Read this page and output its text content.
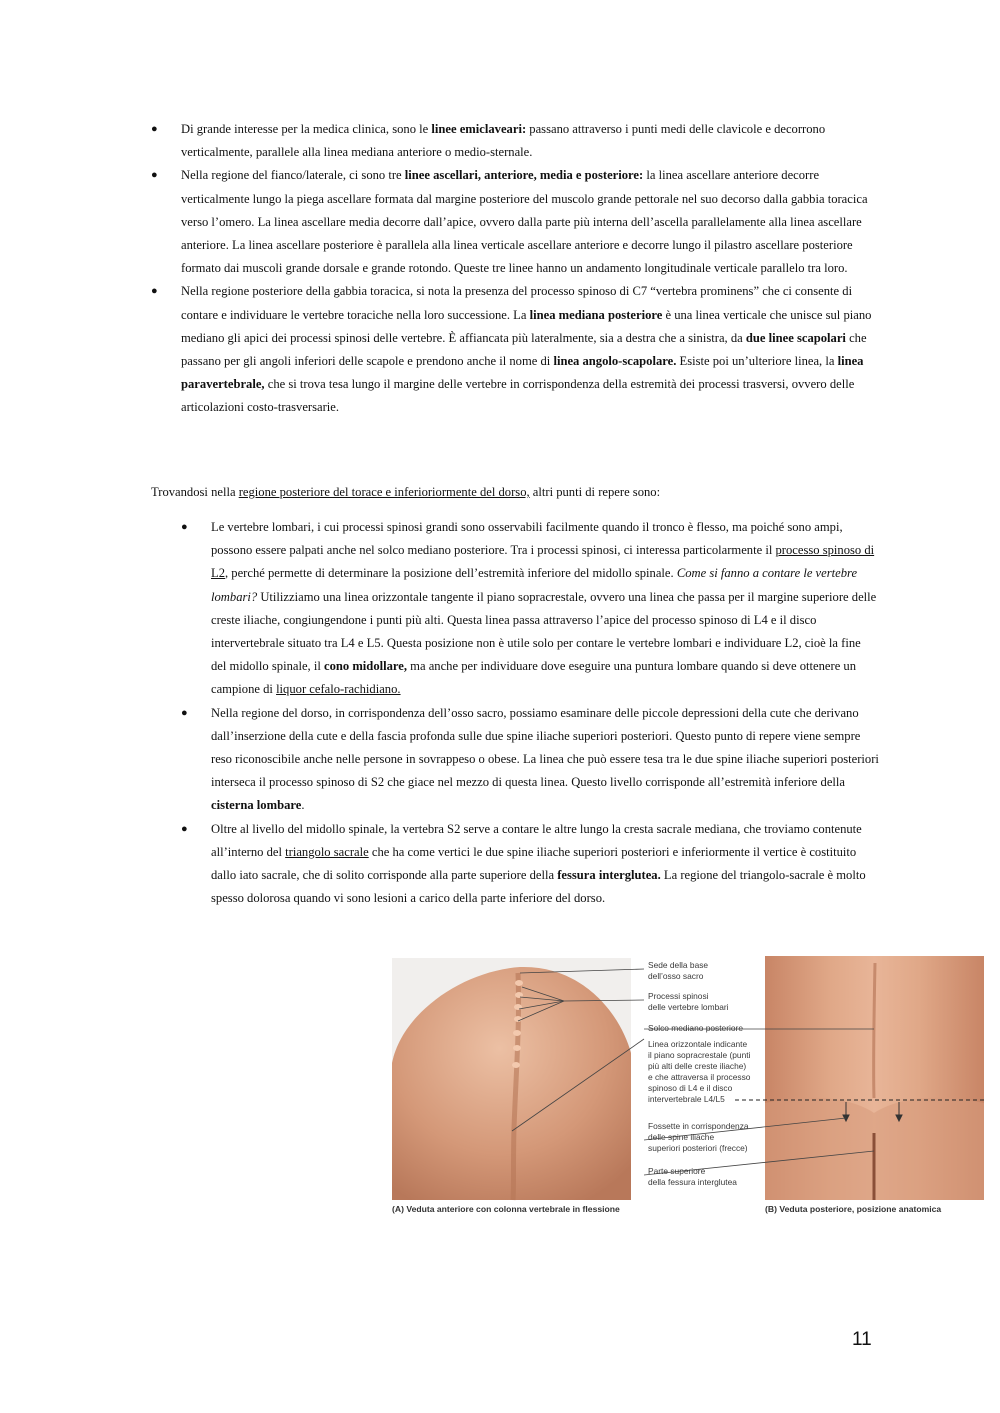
● Di grande interesse per la medica clinica, sono le linee emiclaveari: passano attraverso i punti medi delle clavicole e decorrono verticalmente, parallele alla linea mediana anteriore o medio-sternale.
● Nella regione del fianco/laterale, ci sono tre linee ascellari, anteriore, media e posteriore: la linea ascellare anteriore decorre verticalmente lungo la piega ascellare formata dal margine posteriore del muscolo grande pettorale nel suo decorso dalla gabbia toracica verso l’omero. La linea ascellare media decorre dall’apice, ovvero dalla parte più interna dell’ascella parallelamente alla linea ascellare anteriore. La linea ascellare posteriore è parallela alla linea verticale ascellare anteriore e decorre lungo il pilastro ascellare posteriore formato dai muscoli grande dorsale e grande rotondo. Queste tre linee hanno un andamento longitudinale verticale parallelo tra loro.
● Nella regione posteriore della gabbia toracica, si nota la presenza del processo spinoso di C7 “vertebra prominens” che ci consente di contare e individuare le vertebre toraciche nella loro successione. La linea mediana posteriore è una linea verticale che unisce sul piano mediano gli apici dei processi spinosi delle vertebre. È affiancata più lateralmente, sia a destra che a sinistra, da due linee scapolari che passano per gli angoli inferiori delle scapole e prendono anche il nome di linea angolo-scapolare. Esiste poi un’ulteriore linea, la linea paravertebrale, che si trova tesa lungo il margine delle vertebre in corrispondenza della estremità dei processi trasversi, ovvero delle articolazioni costo-trasversarie.

Trovandosi nella regione posteriore del torace e inferioriormente del dorso, altri punti di repere sono:

● Le vertebre lombari, i cui processi spinosi grandi sono osservabili facilmente quando il tronco è flesso, ma poiché sono ampi, possono essere palpati anche nel solco mediano posteriore. Tra i processi spinosi, ci interessa particolarmente il processo spinoso di L2, perché permette di determinare la posizione dell’estremità inferiore del midollo spinale. Come si fanno a contare le vertebre lombari? Utilizziamo una linea orizzontale tangente il piano sopracrestale, ovvero una linea che passa per il margine superiore delle creste iliache, congiungendone i punti più alti. Questa linea passa attraverso l’apice del processo spinoso di L4 e il disco intervertebrale situato tra L4 e L5. Questa posizione non è utile solo per contare le vertebre lombari e individuare L2, cioè la fine del midollo spinale, il cono midollare, ma anche per individuare dove eseguire una puntura lombare quando si deve ottenere un campione di liquor cefalo-rachidiano.
● Nella regione del dorso, in corrispondenza dell’osso sacro, possiamo esaminare delle piccole depressioni della cute che derivano dall’inserzione della cute e della fascia profonda sulle due spine iliache superiori posteriori. Questo punto di repere viene sempre reso riconoscibile anche nelle persone in sovrappeso o obese. La linea che può essere tesa tra le due spine iliache superiori posteriori interseca il processo spinoso di S2 che giace nel mezzo di questa linea. Questo livello corrisponde all’estremità inferiore della cisterna lombare.
● Oltre al livello del midollo spinale, la vertebra S2 serve a contare le altre lungo la cresta sacrale mediana, che troviamo contenute all’interno del triangolo sacrale che ha come vertici le due spine iliache superiori posteriori e inferiormente il vertice è costituito dallo iato sacrale, che di solito corrisponde alla parte superiore della fessura interglutea. La regione del triangolo-sacrale è molto spesso dolorosa quando vi sono lesioni a carico della parte inferiore del dorso.
Sede della base
dell’osso sacro
Processi spinosi
delle vertebre lombari
Solco mediano posteriore
Linea orizzontale indicante
il piano sopracrestale (punti
più alti delle creste iliache)
e che attraversa il processo
spinoso di L4 e il disco
intervertebrale L4/L5
Fossette in corrispondenza
delle spine iliache
superiori posteriori (frecce)
Parte superiore
della fessura interglutea
(A) Veduta anteriore con colonna vertebrale in flessione	(B) Veduta posteriore, posizione anatomica
11
